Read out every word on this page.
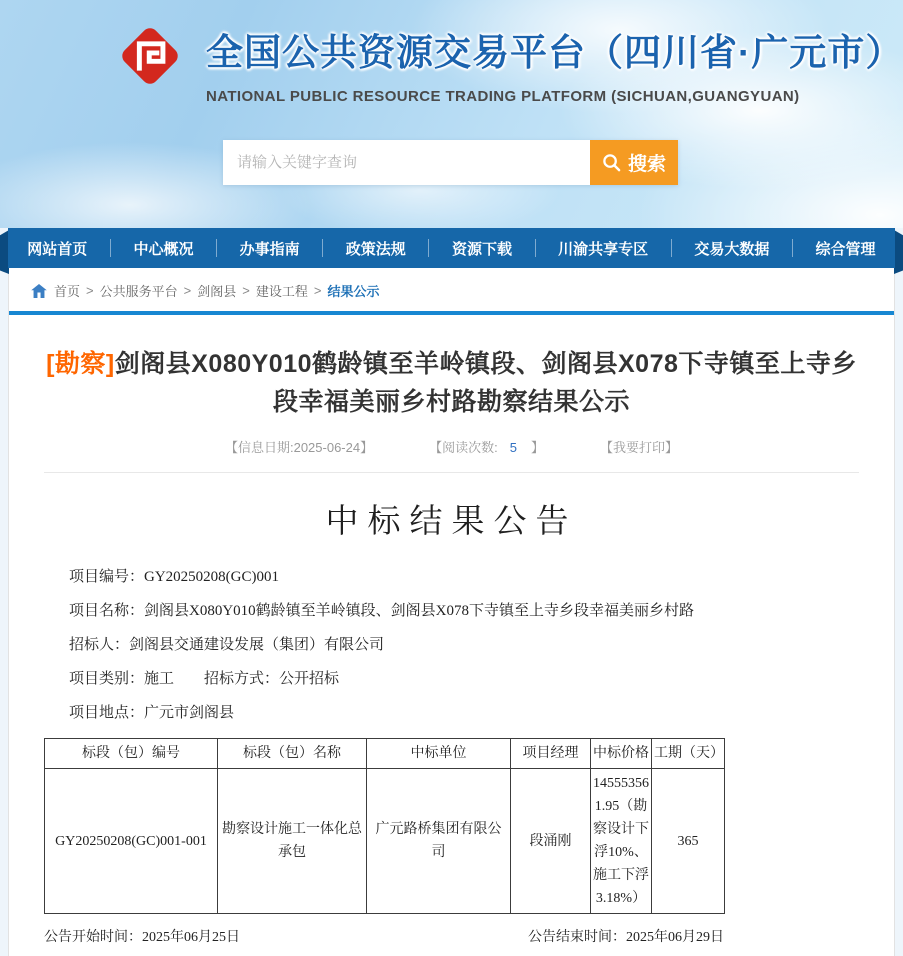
全国公共资源交易平台（四川省·广元市）
NATIONAL PUBLIC RESOURCE TRADING PLATFORM (SICHUAN,GUANGYUAN)
请输入关键字查询
搜索
网站首页	中心概况	办事指南	政策法规	资源下载	川渝共享专区	交易大数据	综合管理
首页 > 公共服务平台 > 剑阁县 > 建设工程 > 结果公示
[勘察]剑阁县X080Y010鹤龄镇至羊岭镇段、剑阁县X078下寺镇至上寺乡段幸福美丽乡村路勘察结果公示
【信息日期:2025-06-24】	【阅读次数: 5 】	【我要打印】
中标结果公告

项目编号：GY20250208(GC)001

项目名称：剑阁县X080Y010鹤龄镇至羊岭镇段、剑阁县X078下寺镇至上寺乡段幸福美丽乡村路

招标人：剑阁县交通建设发展（集团）有限公司

项目类别：施工　　招标方式：公开招标

项目地点：广元市剑阁县

标段（包）编号	标段（包）名称	中标单位	项目经理	中标价格	工期（天）
GY20250208(GC)001-001	勘察设计施工一体化总承包	广元路桥集团有限公司	段涌刚	145553561.95（勘察设计下浮10%、施工下浮3.18%）	365
公告开始时间：2025年06月25日	公告结束时间：2025年06月29日
